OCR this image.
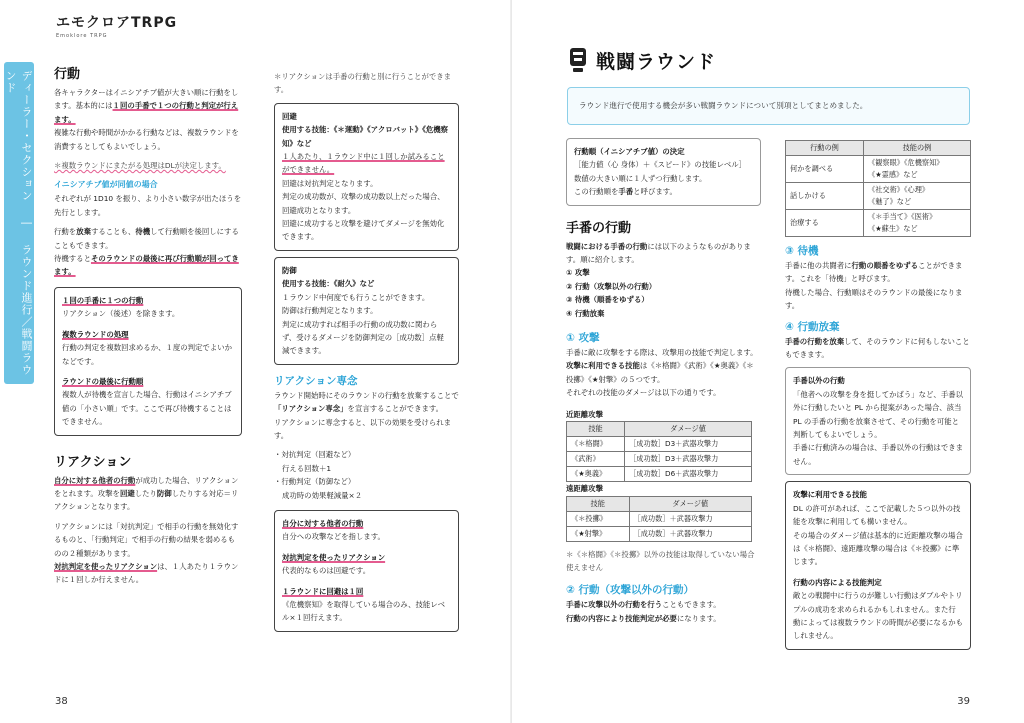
ディーラー・セクション ― ラウンド進行／戦闘ラウンド
エモクロアTRPG
Emoklore TRPG
行動

各キャラクターはイニシアチブ値が大きい順に行動をします。基本的には１回の手番で１つの行動と判定が行えます。

複雑な行動や時間がかかる行動などは、複数ラウンドを消費するとしてもよいでしょう。

＊複数ラウンドにまたがる処理はDLが決定します。

イニシアチブ値が同値の場合

それぞれが 1D10 を振り、より小さい数字が出たほうを先行とします。

行動を放棄することも、待機して行動順を後回しにすることもできます。

待機するとそのラウンドの最後に再び行動順が回ってきます。

１回の手番に１つの行動
リアクション（後述）を除きます。
複数ラウンドの処理
行動の判定を複数回求めるか、１度の判定でよいかなどです。
ラウンドの最後に行動順
複数人が待機を宣言した場合、行動はイニシアチブ値の「小さい順」です。ここで再び待機することはできません。
リアクション

自分に対する他者の行動が成功した場合、リアクションをとれます。攻撃を回避したり防御したりする対応＝リアクションとなります。

リアクションには「対抗判定」で相手の行動を無効化するものと、「行動判定」で相手の行動の結果を弱めるものの２種類があります。

対抗判定を使ったリアクションは、１人あたり１ラウンドに１回しか行えません。

＊リアクションは手番の行動と別に行うことができます。

回避
使用する技能：《＊運動》《アクロバット》《危機察知》など
１人あたり、１ラウンド中に１回しか試みることができません。
回避は対抗判定となります。
判定の成功数が、攻撃の成功数以上だった場合、回避成功となります。
回避に成功すると攻撃を避けてダメージを無効化できます。
防御
使用する技能：《耐久》など
１ラウンド中何度でも行うことができます。
防御は行動判定となります。
判定に成功すれば相手の行動の成功数に関わらず、受けるダメージを防御判定の［成功数］点軽減できます。
リアクション専念

ラウンド開始時にそのラウンドの行動を放棄することで「リアクション専念」を宣言することができます。

リアクションに専念すると、以下の効果を受けられます。

・対抗判定（回避など）

行える回数＋1

・行動判定（防御など）

成功時の効果軽減量×２

自分に対する他者の行動
自分への攻撃などを指します。
対抗判定を使ったリアクション
代表的なものは回避です。
１ラウンドに回避は１回
《危機察知》を取得している場合のみ、技能レベル×１回行えます。
38
戦闘ラウンド
ラウンド進行で使用する機会が多い戦闘ラウンドについて別項としてまとめました。
行動順（イニシアチブ値）の決定
［能力値（心 身体）＋《スピード》の技能レベル］
数値の大きい順に１人ずつ行動します。
この行動順を手番と呼びます。
手番の行動

戦闘における手番の行動には以下のようなものがあります。順に紹介します。

① 攻撃

② 行動（攻撃以外の行動）

③ 待機（順番をゆずる）

④ 行動放棄

① 攻撃

手番に敵に攻撃をする際は、攻撃用の技能で判定します。

攻撃に利用できる技能は《＊格闘》《武術》《★奥義》《＊投擲》《★射撃》の５つです。

それぞれの技能のダメージは以下の通りです。

近距離攻撃

技能	ダメージ値
《＊格闘》	［成功数］D3＋武器攻撃力
《武術》	［成功数］D3＋武器攻撃力
《★奥義》	［成功数］D6＋武器攻撃力

遠距離攻撃

技能	ダメージ値
《＊投擲》	［成功数］＋武器攻撃力
《★射撃》	［成功数］＋武器攻撃力

＊《＊格闘》《＊投擲》以外の技能は取得していない場合使えません

② 行動（攻撃以外の行動）

手番に攻撃以外の行動を行うこともできます。

行動の内容により技能判定が必要になります。

行動の例	技能の例
何かを調べる	《観察眼》《危機察知》
《★霊感》など

話しかける	《社交術》《心理》
《魅了》など

治療する	《＊手当て》《医術》
《★蘇生》など
③ 待機

手番に他の共闘者に行動の順番をゆずることができます。これを「待機」と呼びます。

待機した場合、行動順はそのラウンドの最後になります。

④ 行動放棄

手番の行動を放棄して、そのラウンドに何もしないこともできます。

手番以外の行動
「他者への攻撃を身を挺してかばう」など、手番以外に行動したいと PL から提案があった場合、該当 PL の手番の行動を放棄させて、その行動を可能と判断してもよいでしょう。
手番に行動済みの場合は、手番以外の行動はできません。
攻撃に利用できる技能
DL の許可があれば、ここで記載した５つ以外の技能を攻撃に利用しても構いません。
その場合のダメージ値は基本的に近距離攻撃の場合は《＊格闘》、遠距離攻撃の場合は《＊投擲》に準じます。
行動の内容による技能判定
敵との戦闘中に行うのが難しい行動はダブルやトリプルの成功を求められるかもしれません。また行動によっては複数ラウンドの時間が必要になるかもしれません。
39
